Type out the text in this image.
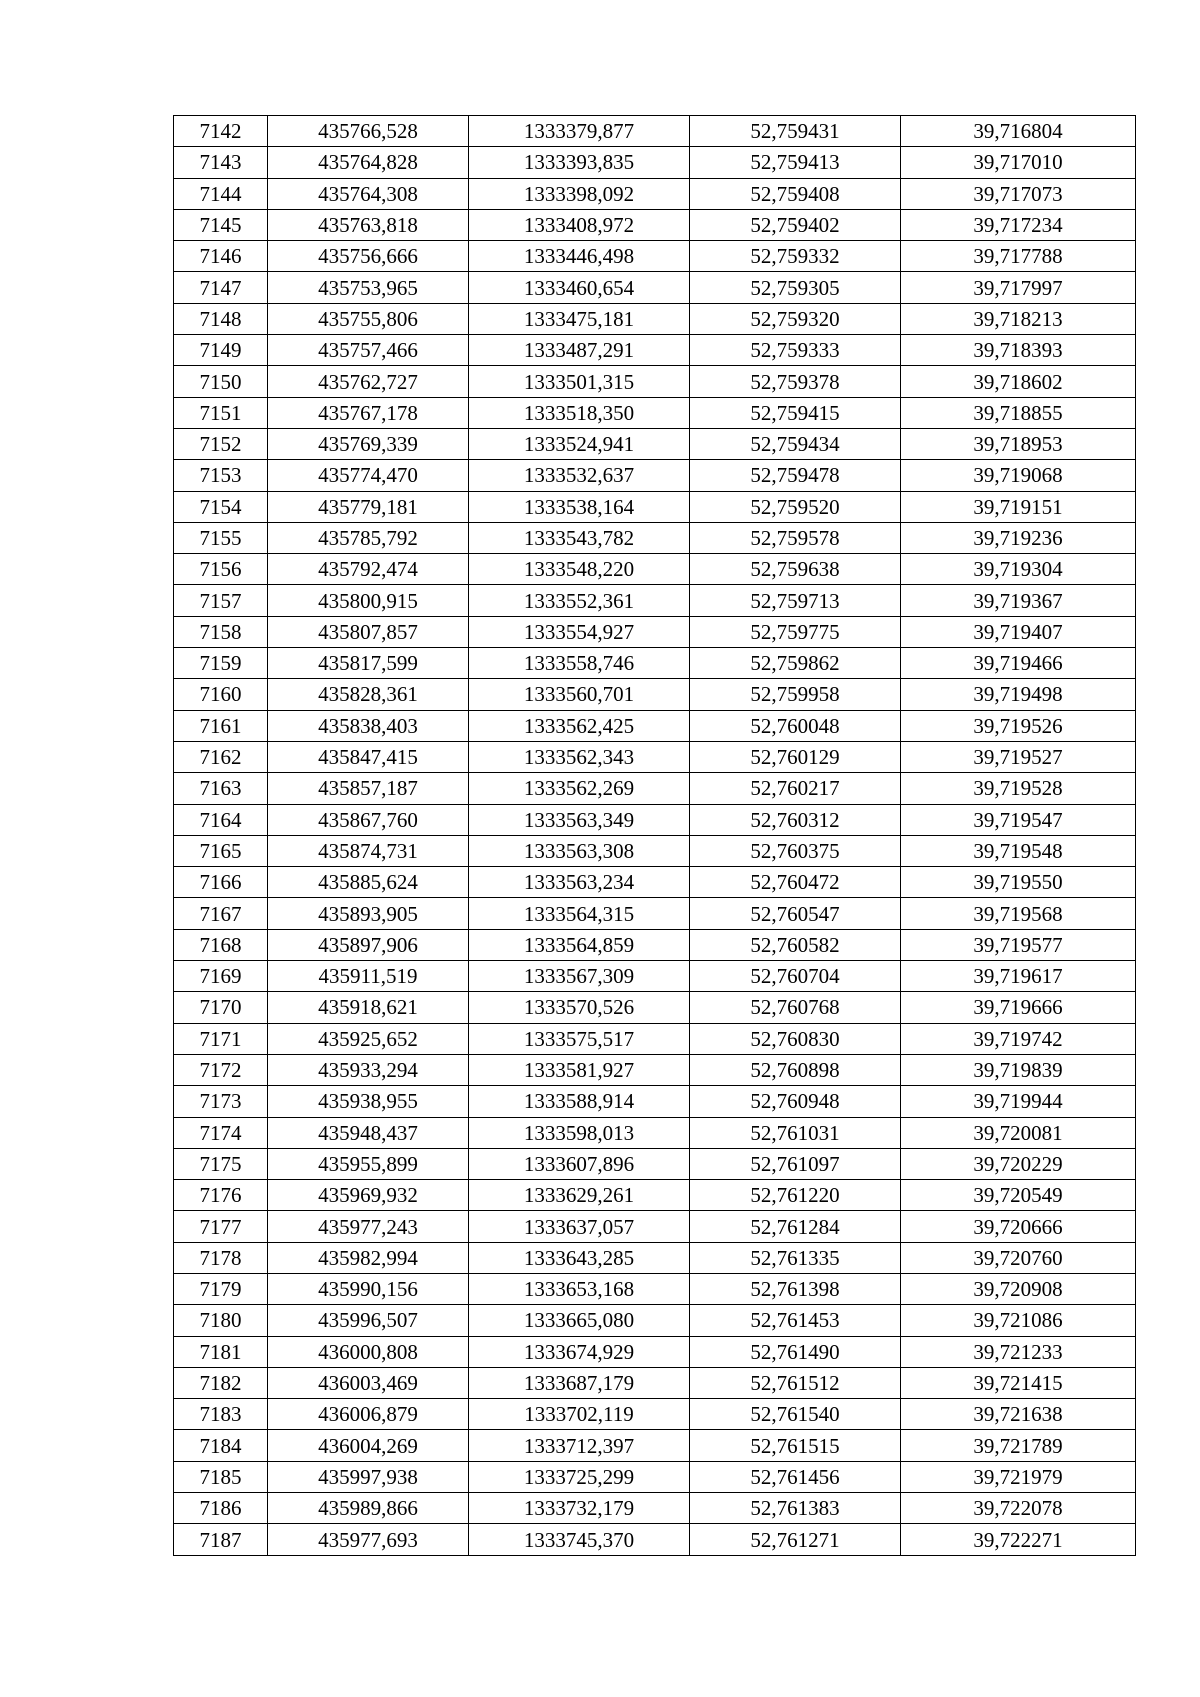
7142	435766,528	1333379,877	52,759431	39,716804
7143	435764,828	1333393,835	52,759413	39,717010
7144	435764,308	1333398,092	52,759408	39,717073
7145	435763,818	1333408,972	52,759402	39,717234
7146	435756,666	1333446,498	52,759332	39,717788
7147	435753,965	1333460,654	52,759305	39,717997
7148	435755,806	1333475,181	52,759320	39,718213
7149	435757,466	1333487,291	52,759333	39,718393
7150	435762,727	1333501,315	52,759378	39,718602
7151	435767,178	1333518,350	52,759415	39,718855
7152	435769,339	1333524,941	52,759434	39,718953
7153	435774,470	1333532,637	52,759478	39,719068
7154	435779,181	1333538,164	52,759520	39,719151
7155	435785,792	1333543,782	52,759578	39,719236
7156	435792,474	1333548,220	52,759638	39,719304
7157	435800,915	1333552,361	52,759713	39,719367
7158	435807,857	1333554,927	52,759775	39,719407
7159	435817,599	1333558,746	52,759862	39,719466
7160	435828,361	1333560,701	52,759958	39,719498
7161	435838,403	1333562,425	52,760048	39,719526
7162	435847,415	1333562,343	52,760129	39,719527
7163	435857,187	1333562,269	52,760217	39,719528
7164	435867,760	1333563,349	52,760312	39,719547
7165	435874,731	1333563,308	52,760375	39,719548
7166	435885,624	1333563,234	52,760472	39,719550
7167	435893,905	1333564,315	52,760547	39,719568
7168	435897,906	1333564,859	52,760582	39,719577
7169	435911,519	1333567,309	52,760704	39,719617
7170	435918,621	1333570,526	52,760768	39,719666
7171	435925,652	1333575,517	52,760830	39,719742
7172	435933,294	1333581,927	52,760898	39,719839
7173	435938,955	1333588,914	52,760948	39,719944
7174	435948,437	1333598,013	52,761031	39,720081
7175	435955,899	1333607,896	52,761097	39,720229
7176	435969,932	1333629,261	52,761220	39,720549
7177	435977,243	1333637,057	52,761284	39,720666
7178	435982,994	1333643,285	52,761335	39,720760
7179	435990,156	1333653,168	52,761398	39,720908
7180	435996,507	1333665,080	52,761453	39,721086
7181	436000,808	1333674,929	52,761490	39,721233
7182	436003,469	1333687,179	52,761512	39,721415
7183	436006,879	1333702,119	52,761540	39,721638
7184	436004,269	1333712,397	52,761515	39,721789
7185	435997,938	1333725,299	52,761456	39,721979
7186	435989,866	1333732,179	52,761383	39,722078
7187	435977,693	1333745,370	52,761271	39,722271
